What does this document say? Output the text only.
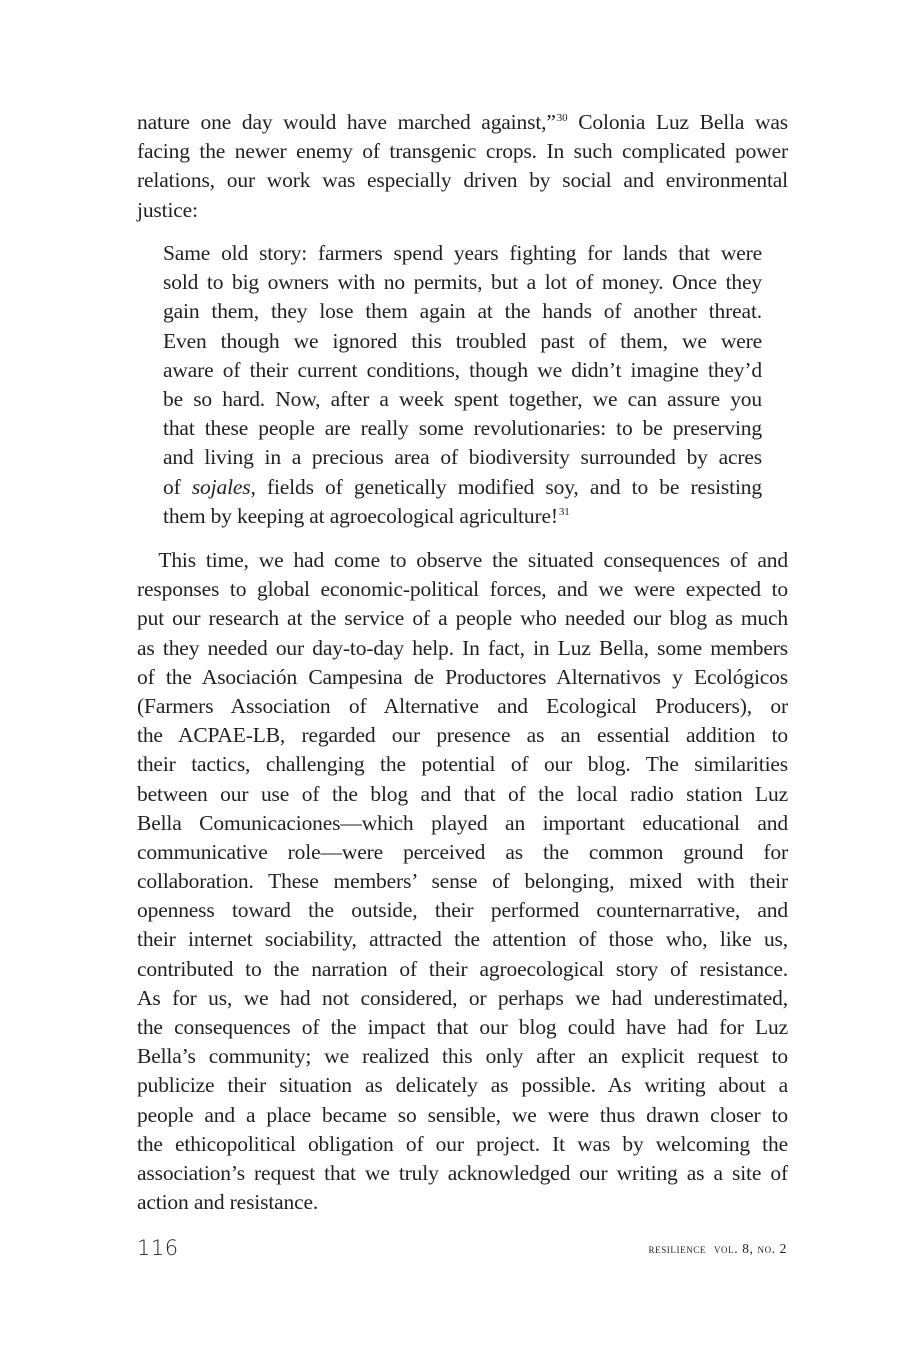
nature one day would have marched against,”$^{30}$ Colonia Luz Bella was
facing the newer enemy of transgenic crops. In such complicated power
relations, our work was especially driven by social and environmental
justice:
Same old story: farmers spend years fighting for lands that were
sold to big owners with no permits, but a lot of money. Once they
gain them, they lose them again at the hands of another threat.
Even though we ignored this troubled past of them, we were
aware of their current conditions, though we didn’t imagine they’d
be so hard. Now, after a week spent together, we can assure you
that these people are really some revolutionaries: to be preserving
and living in a precious area of biodiversity surrounded by acres
of sojales, fields of genetically modified soy, and to be resisting
them by keeping at agroecological agriculture!$^{31}$
 This time, we had come to observe the situated consequences of and
responses to global economic-political forces, and we were expected to
put our research at the service of a people who needed our blog as much
as they needed our day-to-day help. In fact, in Luz Bella, some members
of the Asociación Campesina de Productores Alternativos y Ecológicos
(Farmers Association of Alternative and Ecological Producers), or
the ACPAE-LB, regarded our presence as an essential addition to
their tactics, challenging the potential of our blog. The similarities
between our use of the blog and that of the local radio station Luz
Bella Comunicaciones—which played an important educational and
communicative role—were perceived as the common ground for
collaboration. These members’ sense of belonging, mixed with their
openness toward the outside, their performed counternarrative, and
their internet sociability, attracted the attention of those who, like us,
contributed to the narration of their agroecological story of resistance.
As for us, we had not considered, or perhaps we had underestimated,
the consequences of the impact that our blog could have had for Luz
Bella’s community; we realized this only after an explicit request to
publicize their situation as delicately as possible. As writing about a
people and a place became so sensible, we were thus drawn closer to
the ethicopolitical obligation of our project. It was by welcoming the
association’s request that we truly acknowledged our writing as a site of
action and resistance.
116	resilience vol. 8, no. 2
